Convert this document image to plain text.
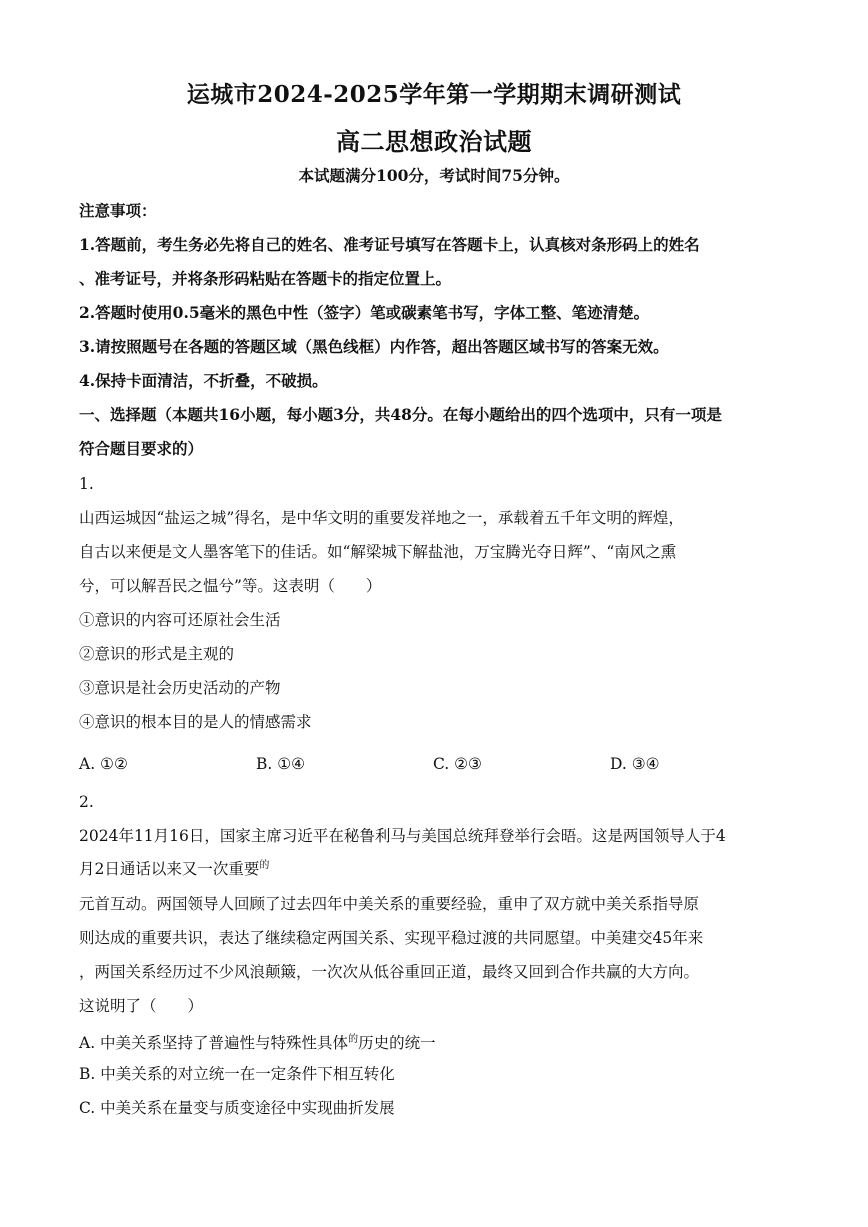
运城市2024-2025学年第一学期期末调研测试
高二思想政治试题
本试题满分100分，考试时间75分钟。
注意事项：
1.答题前，考生务必先将自己的姓名、准考证号填写在答题卡上，认真核对条形码上的姓名
、准考证号，并将条形码粘贴在答题卡的指定位置上。
2.答题时使用0.5毫米的黑色中性（签字）笔或碳素笔书写，字体工整、笔迹清楚。
3.请按照题号在各题的答题区域（黑色线框）内作答，超出答题区域书写的答案无效。
4.保持卡面清洁，不折叠，不破损。
一、选择题（本题共16小题，每小题3分，共48分。在每小题给出的四个选项中，只有一项是
符合题目要求的）
1.
山西运城因“盐运之城”得名，是中华文明的重要发祥地之一，承载着五千年文明的辉煌，
自古以来便是文人墨客笔下的佳话。如“解梁城下解盐池，万宝腾光夺日辉”、“南风之熏
兮，可以解吾民之愠兮”等。这表明（　　）
①意识的内容可还原社会生活
②意识的形式是主观的
③意识是社会历史活动的产物
④意识的根本目的是人的情感需求
A. ①②	B. ①④	C. ②③	D. ③④
2.
2024年11月16日，国家主席习近平在秘鲁利马与美国总统拜登举行会晤。这是两国领导人于4
月2日通话以来又一次重要$^的$
元首互动。两国领导人回顾了过去四年中美关系的重要经验，重申了双方就中美关系指导原
则达成的重要共识，表达了继续稳定两国关系、实现平稳过渡的共同愿望。中美建交45年来
，两国关系经历过不少风浪颠簸，一次次从低谷重回正道，最终又回到合作共赢的大方向。
这说明了（　　）
A. 中美关系坚持了普遍性与特殊性具体$^的$历史的统一
B. 中美关系的对立统一在一定条件下相互转化
C. 中美关系在量变与质变途径中实现曲折发展
